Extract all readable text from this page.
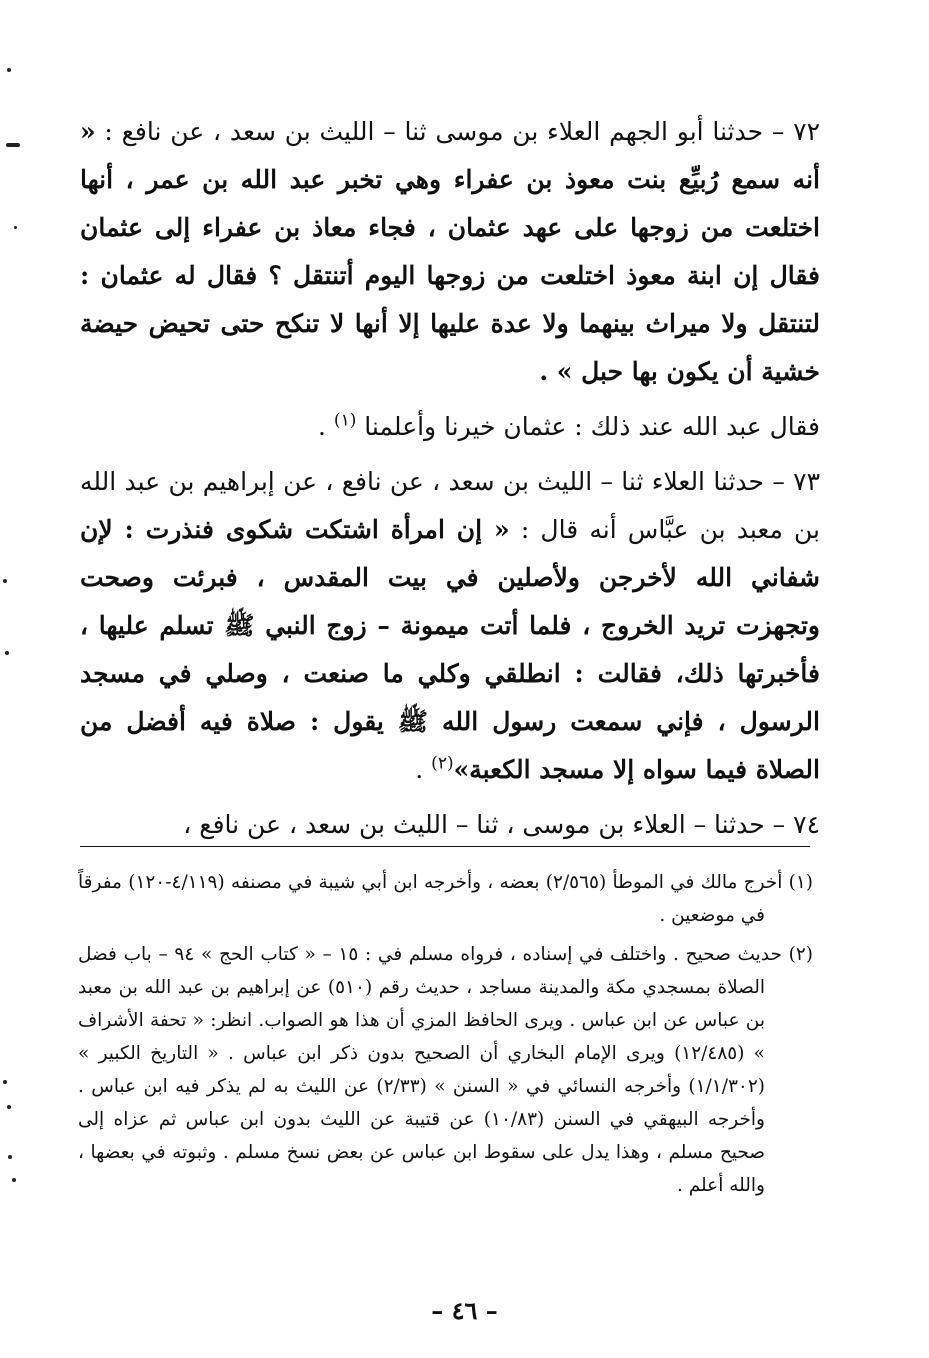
٧٢ – حدثنا أبو الجهم العلاء بن موسى ثنا – الليث بن سعد ، عن نافع : « أنه سمع رُبيِّع بنت معوذ بن عفراء وهي تخبر عبد الله بن عمر ، أنها اختلعت من زوجها على عهد عثمان ، فجاء معاذ بن عفراء إلى عثمان فقال إن ابنة معوذ اختلعت من زوجها اليوم أتنتقل ؟ فقال له عثمان : لتنتقل ولا ميراث بينهما ولا عدة عليها إلا أنها لا تنكح حتى تحيض حيضة خشية أن يكون بها حبل » .

فقال عبد الله عند ذلك : عثمان خيرنا وأعلمنا $^{(١)}$ .

٧٣ – حدثنا العلاء ثنا – الليث بن سعد ، عن نافع ، عن إبراهيم بن عبد الله بن معبد بن عبَّاس أنه قال : « إن امرأة اشتكت شكوى فنذرت : لإن شفاني الله لأخرجن ولأصلين في بيت المقدس ، فبرئت وصحت وتجهزت تريد الخروج ، فلما أتت ميمونة – زوج النبي ﷺ تسلم عليها ، فأخبرتها ذلك، فقالت : انطلقي وكلي ما صنعت ، وصلي في مسجد الرسول ، فإني سمعت رسول الله ﷺ يقول : صلاة فيه أفضل من الصلاة فيما سواه إلا مسجد الكعبة»$^{(٢)}$ .

٧٤ – حدثنا – العلاء بن موسى ، ثنا – الليث بن سعد ، عن نافع ،

(١) أخرج مالك في الموطأ (٢/٥٦٥) بعضه ، وأخرجه ابن أبي شيبة في مصنفه (٤/١١٩-١٢٠) مفرقاً في موضعين .

(٢) حديث صحيح . واختلف في إسناده ، فرواه مسلم في : ١٥ – « كتاب الحج » ٩٤ – باب فضل الصلاة بمسجدي مكة والمدينة مساجد ، حديث رقم (٥١٠) عن إبراهيم بن عبد الله بن معبد بن عباس عن ابن عباس . ويرى الحافظ المزي أن هذا هو الصواب. انظر: « تحفة الأشراف » (١٢/٤٨٥) ويرى الإمام البخاري أن الصحيح بدون ذكر ابن عباس . « التاريخ الكبير » (١/١/٣٠٢) وأخرجه النسائي في « السنن » (٢/٣٣) عن الليث به لم يذكر فيه ابن عباس . وأخرجه البيهقي في السنن (١٠/٨٣) عن قتيبة عن الليث بدون ابن عباس ثم عزاه إلى صحيح مسلم ، وهذا يدل على سقوط ابن عباس عن بعض نسخ مسلم . وثبوته في بعضها ، والله أعلم .

– ٤٦ –
